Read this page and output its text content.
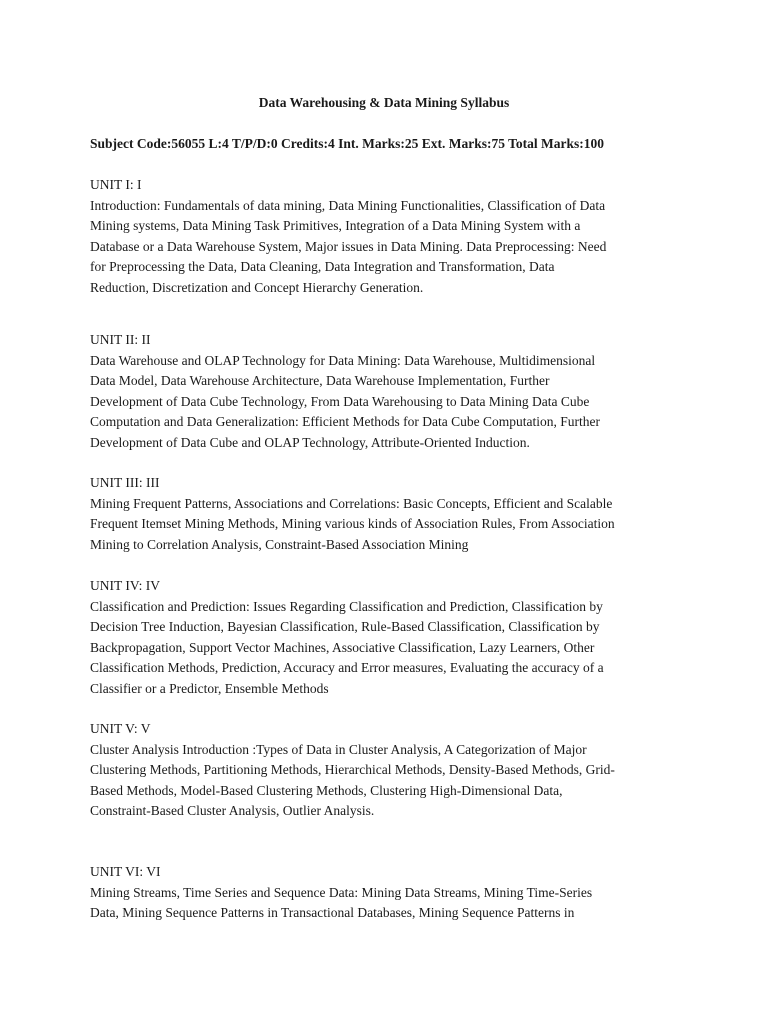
Data Warehousing & Data Mining Syllabus
Subject Code:56055 L:4 T/P/D:0 Credits:4 Int. Marks:25 Ext. Marks:75 Total Marks:100
UNIT I: I
Introduction: Fundamentals of data mining, Data Mining Functionalities, Classification of Data
Mining systems, Data Mining Task Primitives, Integration of a Data Mining System with a
Database or a Data Warehouse System, Major issues in Data Mining. Data Preprocessing: Need
for Preprocessing the Data, Data Cleaning, Data Integration and Transformation, Data
Reduction, Discretization and Concept Hierarchy Generation.
UNIT II: II
Data Warehouse and OLAP Technology for Data Mining: Data Warehouse, Multidimensional
Data Model, Data Warehouse Architecture, Data Warehouse Implementation, Further
Development of Data Cube Technology, From Data Warehousing to Data Mining Data Cube
Computation and Data Generalization: Efficient Methods for Data Cube Computation, Further
Development of Data Cube and OLAP Technology, Attribute-Oriented Induction.
UNIT III: III
Mining Frequent Patterns, Associations and Correlations: Basic Concepts, Efficient and Scalable
Frequent Itemset Mining Methods, Mining various kinds of Association Rules, From Association
Mining to Correlation Analysis, Constraint-Based Association Mining
UNIT IV: IV
Classification and Prediction: Issues Regarding Classification and Prediction, Classification by
Decision Tree Induction, Bayesian Classification, Rule-Based Classification, Classification by
Backpropagation, Support Vector Machines, Associative Classification, Lazy Learners, Other
Classification Methods, Prediction, Accuracy and Error measures, Evaluating the accuracy of a
Classifier or a Predictor, Ensemble Methods
UNIT V: V
Cluster Analysis Introduction :Types of Data in Cluster Analysis, A Categorization of Major
Clustering Methods, Partitioning Methods, Hierarchical Methods, Density-Based Methods, Grid-
Based Methods, Model-Based Clustering Methods, Clustering High-Dimensional Data,
Constraint-Based Cluster Analysis, Outlier Analysis.
UNIT VI: VI
Mining Streams, Time Series and Sequence Data: Mining Data Streams, Mining Time-Series
Data, Mining Sequence Patterns in Transactional Databases, Mining Sequence Patterns in
